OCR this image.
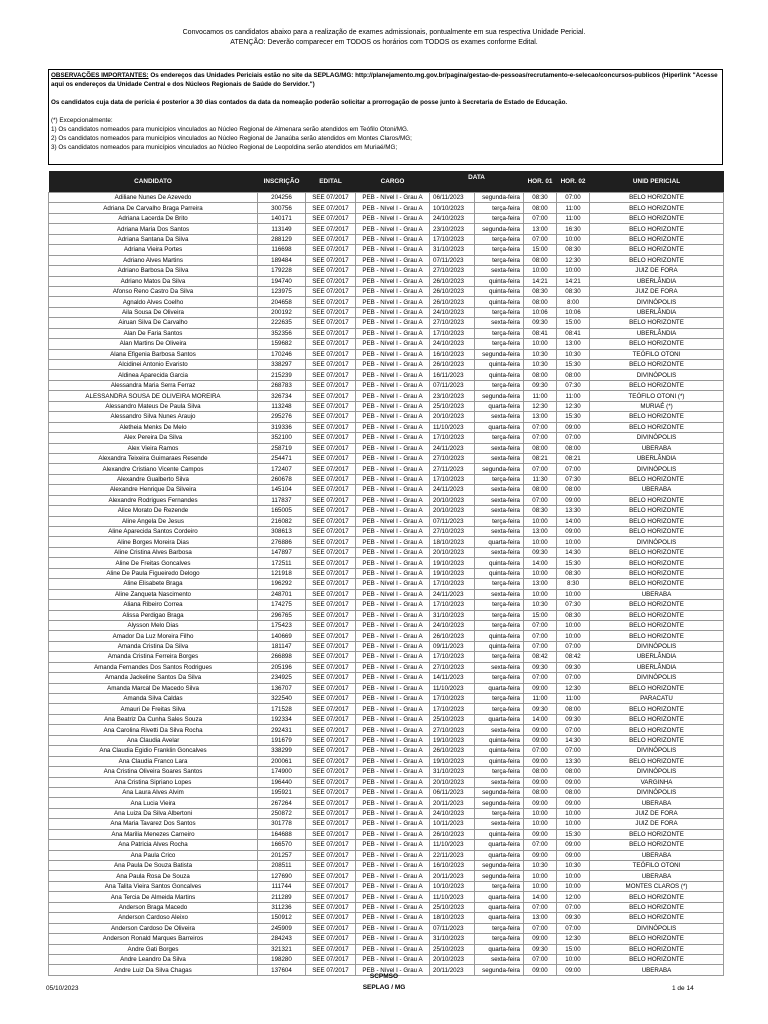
Convocamos os candidatos abaixo para a realização de exames admissionais, pontualmente em sua respectiva Unidade Pericial.
ATENÇÃO: Deverão comparecer em TODOS os horários com TODOS os exames conforme Edital.
OBSERVAÇÕES IMPORTANTES: Os endereços das Unidades Periciais estão no site da SEPLAG/MG: http://planejamento.mg.gov.br/pagina/gestao-de-pessoas/recrutamento-e-selecao/concursos-publicos (Hiperlink "Acesse aqui os endereços da Unidade Central e dos Núcleos Regionais de Saúde do Servidor.")
Os candidatos cuja data de perícia é posterior a 30 dias contados da data da nomeação poderão solicitar a prorrogação de posse junto à Secretaria de Estado de Educação.
(*) Excepcionalmente:
1) Os candidatos nomeados para municípios vinculados ao Núcleo Regional de Almenara serão atendidos em Teófilo Otoni/MG.
2) Os candidatos nomeados para municípios vinculados ao Núcleo Regional de Janaúba serão atendidos em Montes Claros/MG;
3) Os candidatos nomeados para municípios vinculados ao Núcleo Regional de Leopoldina serão atendidos em Muriaé/MG;
CANDIDATO	INSCRIÇÃO	EDITAL	CARGO	DATA		HOR. 01	HOR. 02	UNID PERICIAL
Adiliane Nunes De Azevedo	204256	SEE 07/2017	PEB - Nível I - Grau A	06/11/2023	segunda-feira	08:30	07:00	BELO HORIZONTE
Adriana De Carvalho Braga Parreira	300756	SEE 07/2017	PEB - Nível I - Grau A	10/10/2023	terça-feira	08:00	11:00	BELO HORIZONTE
Adriana Lacerda De Brito	140171	SEE 07/2017	PEB - Nível I - Grau A	24/10/2023	terça-feira	07:00	11:00	BELO HORIZONTE
Adriana Maria Dos Santos	113149	SEE 07/2017	PEB - Nível I - Grau A	23/10/2023	segunda-feira	13:00	16:30	BELO HORIZONTE
Adriana Santana Da Silva	288129	SEE 07/2017	PEB - Nível I - Grau A	17/10/2023	terça-feira	07:00	10:00	BELO HORIZONTE
Adriana Vieira Portes	116698	SEE 07/2017	PEB - Nível I - Grau A	31/10/2023	terça-feira	15:00	08:30	BELO HORIZONTE
Adriano Alves Martins	189484	SEE 07/2017	PEB - Nível I - Grau A	07/11/2023	terça-feira	08:00	12:30	BELO HORIZONTE
Adriano Barbosa Da Silva	179228	SEE 07/2017	PEB - Nível I - Grau A	27/10/2023	sexta-feira	10:00	10:00	JUIZ DE FORA
Adriano Matos Da Silva	194740	SEE 07/2017	PEB - Nível I - Grau A	26/10/2023	quinta-feira	14:21	14:21	UBERLÂNDIA
Afonso Reno Castro Da Silva	123975	SEE 07/2017	PEB - Nível I - Grau A	26/10/2023	quinta-feira	08:30	08:30	JUIZ DE FORA
Agnaldo Alves Coelho	204658	SEE 07/2017	PEB - Nível I - Grau A	26/10/2023	quinta-feira	08:00	8:00	DIVINÓPOLIS
Aila Sousa De Oliveira	200192	SEE 07/2017	PEB - Nível I - Grau A	24/10/2023	terça-feira	10:06	10:06	UBERLÂNDIA
Airuan Silva De Carvalho	222635	SEE 07/2017	PEB - Nível I - Grau A	27/10/2023	sexta-feira	09:30	15:00	BELO HORIZONTE
Alan De Faria Santos	352356	SEE 07/2017	PEB - Nível I - Grau A	17/10/2023	terça-feira	08:41	08:41	UBERLÂNDIA
Alan Martins De Oliveira	159682	SEE 07/2017	PEB - Nível I - Grau A	24/10/2023	terça-feira	10:00	13:00	BELO HORIZONTE
Alana Efigenia Barbosa Santos	170246	SEE 07/2017	PEB - Nível I - Grau A	16/10/2023	segunda-feira	10:30	10:30	TEÓFILO OTONI
Alcidinei Antonio Evaristo	338297	SEE 07/2017	PEB - Nível I - Grau A	26/10/2023	quinta-feira	10:30	15:30	BELO HORIZONTE
Aldinea Aparecida Garcia	215239	SEE 07/2017	PEB - Nível I - Grau A	16/11/2023	quinta-feira	08:00	08:00	DIVINÓPOLIS
Alessandra Maria Serra Ferraz	268783	SEE 07/2017	PEB - Nível I - Grau A	07/11/2023	terça-feira	09:30	07:30	BELO HORIZONTE
ALESSANDRA SOUSA DE OLIVEIRA MOREIRA	326734	SEE 07/2017	PEB - Nível I - Grau A	23/10/2023	segunda-feira	11:00	11:00	TEÓFILO OTONI (*)
Alessandro Mateus De Paula Silva	113248	SEE 07/2017	PEB - Nível I - Grau A	25/10/2023	quarta-feira	12:30	12:30	MURIAÉ (*)
Alessandro Silva Nunes Araujo	295276	SEE 07/2017	PEB - Nível I - Grau A	20/10/2023	sexta-feira	13:00	15:30	BELO HORIZONTE
Aletheia Menks De Melo	319336	SEE 07/2017	PEB - Nível I - Grau A	11/10/2023	quarta-feira	07:00	09:00	BELO HORIZONTE
Alex Pereira Da Silva	352100	SEE 07/2017	PEB - Nível I - Grau A	17/10/2023	terça-feira	07:00	07:00	DIVINÓPOLIS
Alex Vieira Ramos	258719	SEE 07/2017	PEB - Nível I - Grau A	24/11/2023	sexta-feira	08:00	08:00	UBERABA
Alexandra Teixeira Guimaraes Resende	254471	SEE 07/2017	PEB - Nível I - Grau A	27/10/2023	sexta-feira	08:21	08:21	UBERLÂNDIA
Alexandre Cristiano Vicente Campos	172407	SEE 07/2017	PEB - Nível I - Grau A	27/11/2023	segunda-feira	07:00	07:00	DIVINÓPOLIS
Alexandre Gualberto Silva	260678	SEE 07/2017	PEB - Nível I - Grau A	17/10/2023	terça-feira	11:30	07:30	BELO HORIZONTE
Alexandre Henrique Da Silveira	145104	SEE 07/2017	PEB - Nível I - Grau A	24/11/2023	sexta-feira	08:00	08:00	UBERABA
Alexandre Rodrigues Fernandes	117837	SEE 07/2017	PEB - Nível I - Grau A	20/10/2023	sexta-feira	07:00	09:00	BELO HORIZONTE
Alice Morato De Rezende	165005	SEE 07/2017	PEB - Nível I - Grau A	20/10/2023	sexta-feira	08:30	13:30	BELO HORIZONTE
Aline Angela De Jesus	216082	SEE 07/2017	PEB - Nível I - Grau A	07/11/2023	terça-feira	10:00	14:00	BELO HORIZONTE
Aline Aparecida Santos Cordeiro	308613	SEE 07/2017	PEB - Nível I - Grau A	27/10/2023	sexta-feira	13:00	09:00	BELO HORIZONTE
Aline Borges Moreira Dias	276886	SEE 07/2017	PEB - Nível I - Grau A	18/10/2023	quarta-feira	10:00	10:00	DIVINÓPOLIS
Aline Cristina Alves Barbosa	147897	SEE 07/2017	PEB - Nível I - Grau A	20/10/2023	sexta-feira	09:30	14:30	BELO HORIZONTE
Aline De Freitas Goncalves	172511	SEE 07/2017	PEB - Nível I - Grau A	19/10/2023	quinta-feira	14:00	15:30	BELO HORIZONTE
Aline De Paula Figueiredo Delogo	121918	SEE 07/2017	PEB - Nível I - Grau A	19/10/2023	quinta-feira	10:00	08:30	BELO HORIZONTE
Aline Elisabete Braga	196292	SEE 07/2017	PEB - Nível I - Grau A	17/10/2023	terça-feira	13:00	8:30	BELO HORIZONTE
Aline Zanqueta Nascimento	248701	SEE 07/2017	PEB - Nível I - Grau A	24/11/2023	sexta-feira	10:00	10:00	UBERABA
Aliana Ribeiro Correa	174275	SEE 07/2017	PEB - Nível I - Grau A	17/10/2023	terça-feira	10:30	07:30	BELO HORIZONTE
Alissa Perdigao Braga	296765	SEE 07/2017	PEB - Nível I - Grau A	31/10/2023	terça-feira	15:00	08:30	BELO HORIZONTE
Alysson Melo Dias	175423	SEE 07/2017	PEB - Nível I - Grau A	24/10/2023	terça-feira	07:00	10:00	BELO HORIZONTE
Amador Da Luz Moreira Filho	140669	SEE 07/2017	PEB - Nível I - Grau A	26/10/2023	quinta-feira	07:00	10:00	BELO HORIZONTE
Amanda Cristina Da Silva	181147	SEE 07/2017	PEB - Nível I - Grau A	09/11/2023	quinta-feira	07:00	07:00	DIVINÓPOLIS
Amanda Cristina Ferreira Borges	266898	SEE 07/2017	PEB - Nível I - Grau A	17/10/2023	terça-feira	08:42	08:42	UBERLÂNDIA
Amanda Fernandes Dos Santos Rodrigues	205196	SEE 07/2017	PEB - Nível I - Grau A	27/10/2023	sexta-feira	09:30	09:30	UBERLÂNDIA
Amanda Jackeline Santos Da Silva	234925	SEE 07/2017	PEB - Nível I - Grau A	14/11/2023	terça-feira	07:00	07:00	DIVINÓPOLIS
Amanda Marcal De Macedo Silva	136707	SEE 07/2017	PEB - Nível I - Grau A	11/10/2023	quarta-feira	09:00	12:30	BELO HORIZONTE
Amanda Silva Caldas	322540	SEE 07/2017	PEB - Nível I - Grau A	17/10/2023	terça-feira	11:00	11:00	PARACATU
Amauri De Freitas Silva	171528	SEE 07/2017	PEB - Nível I - Grau A	17/10/2023	terça-feira	09:30	08:00	BELO HORIZONTE
Ana Beatriz Da Cunha Sales Souza	192334	SEE 07/2017	PEB - Nível I - Grau A	25/10/2023	quarta-feira	14:00	09:30	BELO HORIZONTE
Ana Carolina Rivetti Da Silva Rocha	292431	SEE 07/2017	PEB - Nível I - Grau A	27/10/2023	sexta-feira	09:00	07:00	BELO HORIZONTE
Ana Claudia Avelar	191679	SEE 07/2017	PEB - Nível I - Grau A	19/10/2023	quinta-feira	09:00	14:30	BELO HORIZONTE
Ana Claudia Egidio Franklin Goncalves	338299	SEE 07/2017	PEB - Nível I - Grau A	26/10/2023	quinta-feira	07:00	07:00	DIVINÓPOLIS
Ana Claudia Franco Lara	200061	SEE 07/2017	PEB - Nível I - Grau A	19/10/2023	quinta-feira	09:00	13:30	BELO HORIZONTE
Ana Cristina Oliveira Soares Santos	174900	SEE 07/2017	PEB - Nível I - Grau A	31/10/2023	terça-feira	08:00	08:00	DIVINÓPOLIS
Ana Cristina Sipriano Lopes	196440	SEE 07/2017	PEB - Nível I - Grau A	20/10/2023	sexta-feira	09:00	09:00	VARGINHA
Ana Laura Alves Alvim	195921	SEE 07/2017	PEB - Nível I - Grau A	06/11/2023	segunda-feira	08:00	08:00	DIVINÓPOLIS
Ana Lucia Vieira	267264	SEE 07/2017	PEB - Nível I - Grau A	20/11/2023	segunda-feira	09:00	09:00	UBERABA
Ana Luiza Da Silva Albertoni	250872	SEE 07/2017	PEB - Nível I - Grau A	24/10/2023	terça-feira	10:00	10:00	JUIZ DE FORA
Ana Maria Tavarez Dos Santos	301778	SEE 07/2017	PEB - Nível I - Grau A	10/11/2023	sexta-feira	10:00	10:00	JUIZ DE FORA
Ana Marilia Menezes Carneiro	164688	SEE 07/2017	PEB - Nível I - Grau A	26/10/2023	quinta-feira	09:00	15:30	BELO HORIZONTE
Ana Patricia Alves Rocha	166570	SEE 07/2017	PEB - Nível I - Grau A	11/10/2023	quarta-feira	07:00	09:00	BELO HORIZONTE
Ana Paula Crico	201257	SEE 07/2017	PEB - Nível I - Grau A	22/11/2023	quarta-feira	09:00	09:00	UBERABA
Ana Paula De Souza Batista	208511	SEE 07/2017	PEB - Nível I - Grau A	16/10/2023	segunda-feira	10:30	10:30	TEÓFILO OTONI
Ana Paula Rosa De Souza	127690	SEE 07/2017	PEB - Nível I - Grau A	20/11/2023	segunda-feira	10:00	10:00	UBERABA
Ana Talita Vieira Santos Goncalves	111744	SEE 07/2017	PEB - Nível I - Grau A	10/10/2023	terça-feira	10:00	10:00	MONTES CLAROS (*)
Ana Tercia De Almeida Martins	211289	SEE 07/2017	PEB - Nível I - Grau A	11/10/2023	quarta-feira	14:00	12:00	BELO HORIZONTE
Anderson Braga Macedo	311236	SEE 07/2017	PEB - Nível I - Grau A	25/10/2023	quarta-feira	07:00	07:00	BELO HORIZONTE
Anderson Cardoso Aleixo	150912	SEE 07/2017	PEB - Nível I - Grau A	18/10/2023	quarta-feira	13:00	09:30	BELO HORIZONTE
Anderson Cardoso De Oliveira	245909	SEE 07/2017	PEB - Nível I - Grau A	07/11/2023	terça-feira	07:00	07:00	DIVINÓPOLIS
Anderson Ronald Marques Barreiros	284243	SEE 07/2017	PEB - Nível I - Grau A	31/10/2023	terça-feira	09:00	12:30	BELO HORIZONTE
Andre Gati Borges	321321	SEE 07/2017	PEB - Nível I - Grau A	25/10/2023	quarta-feira	09:30	15:00	BELO HORIZONTE
Andre Leandro Da Silva	198280	SEE 07/2017	PEB - Nível I - Grau A	20/10/2023	sexta-feira	07:00	10:00	BELO HORIZONTE
Andre Luiz Da Silva Chagas	137604	SEE 07/2017	PEB - Nível I - Grau A	20/11/2023	segunda-feira	09:00	09:00	UBERABA
SCPMSO
SEPLAG / MG
05/10/2023	1 de 14
